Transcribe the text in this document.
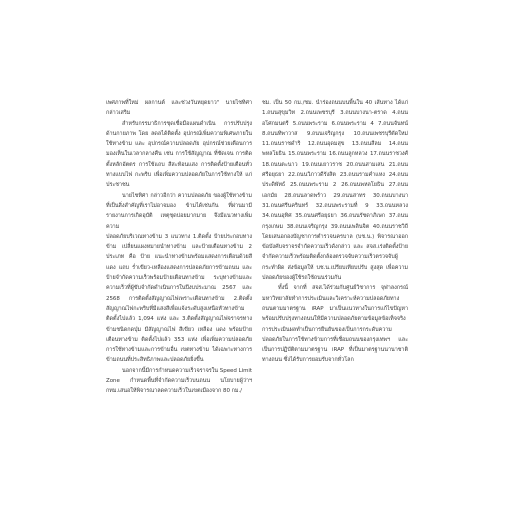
เพศภาพที่ใหม่ ผลกานต์ และช่วงวันหยุดยาว" นายไชทิศา กล่าวเสริม

สำหรับกรรมาธิการชุดเชื่อมือแผนดำเนิน การปรับปรุงด้านกายภาพ โดย ลดลได้ติดตั้ง อุปกรณ์เพิ่มความพิเศษภายในใช้ทางข้าม และ อุปกรณ์ความปลอดภัย อุปกรณ์ช่วยเตือนการ มองเห็นในเวลากลางคืน เช่น การใช้สัญญาณ ที่ชัดเจน การติดตั้งหลักอัตตร การใช้แถบ สีสะท้อนแสง การติดตั้งป้ายเตือนทั่วทางแบบไฟ กะพริบ เพื่อเพิ่มความปลอดภัยในการใช้ทางให้ แก่ประชาชน

นายไชทิศา กล่าวอีกว่า ความปลอดภัย ของผู้ใช้ทางข้ามที่เป็นสิ่งสำคัญที่เราไม่อาจมอง ข้ามได้เช่นกัน ที่ผ่านมามีรายงานการเกิดอุบัติ เหตุชุดบ่อยมากมาย จึงมีแนวทางเพิ่มความ

ปลอดภัยบริเวณทางข้าม 3 แนวทาง 1.ติดตั้ง ป้ายประกอบทางข้าม เปลี่ยนแผงหมายนำทางข้าม และป้ายเตือนทางข้าม 2 ประเภท คือ ป้าย แนะนำทางข้ามพร้อมแสดงการเตือนด้วยสีแดง แถบ ร่ำเขียว-เหลืองแสดงการปลอดภัยการข้ามถนน และป้ายจำกัดความเร็วพร้อมป้ายเตือนทางข้าม ระบุทางข้ามและความเร็วที่ผู้ขับจำกัดดำเนินการในปีงบประมาณ 2567 และ 2568 การติดตั้งสัญญาณไฟเพราะเตือนทางข้าม 2.ติดตั้งสัญญาณไฟกะพริบที่มีแสงสีเพื่อแจ้งระดับสูงเหนือหัวทางข้าม ติดตั้งไปแล้ว 1,094 แห่ง และ 3.ติดตั้งสัญญาณไฟจราจรทางข้ามชนิดกดปุ่ม มีสัญญาณไฟ สีเขียว เหลือง แดง พร้อมป้ายเตือนทางข้าม ติดตั้งไปแล้ว 353 แห่ง เพื่อเพิ่มความปลอดภัยการใช้ทางข้ามและการข้ามอื่น เขตทางข้าม ได้เฉพาะทางการข้ามถนนที่ประสิทธิภาพและปลอดภัยยิ่งขึ้น

นอกจากนี้มีการกำหนดความเร็วจราจรใน Speed Limit Zone กำหนดพื้นที่จำกัดความเร็วบนถนน นโยบายผู้ว่าฯ กทม.เสนอให้พิจารณาลดความเร็วในเขตเมืองจาก 80 กม./

ชม. เป็น 50 กม./ชม. นำร่องถนนบนพื้นใน 40 เส้นทาง ได้แก่ 1.ถนนสุขุมวิท 2.ถนนเพชรบุรี 3.ถนนบางนา-ตราด 4.ถนนอโศกมนตรี 5.ถนนพระราม 6.ถนนพระราม 4 7.ถนนจันทน์ 8.ถนนทิพาวาส 9.ถนนเจริญกรุง 10.ถนนเพชรบุรีตัดใหม่ 11.ถนนราชดำริ 12.ถนนอุดมสุข 13.ถนนสีลม 14.ถนนพหลโยธิน 15.ถนนพระราม 16.ถนนลูกหลวง 17.ถนนราชวงศ์ 18.ถนนตะนาว 19.ถนนเยาวราช 20.ถนนสามเสน 21.ถนนศรีอยุธยา 22.ถนนวิภาวดีรังสิต 23.ถนนรามคำแหง 24.ถนนประดิพัทธ์ 25.ถนนพระราม 2 26.ถนนพหลโยธิน 27.ถนนเอกมัย 28.ถนนลาดพร้าว 29.ถนนสาทร 30.ถนนบางนา 31.ถนนศรีนครินทร์ 32.ถนนพระรามที่ 9 33.ถนนหลวง 34.ถนนอุทิศ 35.ถนนศรีอยุธยา 36.ถนนรัชดาภิเษก 37.ถนนกรุงเกษม 38.ถนนเจริญกรุง 39.ถนนเพลินจิต 40.ถนนราชวิถี โดยเสนอกองบัญชาการตำรวจนครบาล (บช.น.) พิจารณาออกข้อบังคับจราจรจำกัดความเร็วดังกล่าว และ สจส.เร่งติดตั้งป้ายจำกัดความเร็วพร้อมติดตั้งกล้องตรวจจับความเร็วตรวจจับผู้กระทำผิด ส่งข้อมูลให้ บช.น.เปรียบเทียบปรับ สูงสุด เพื่อความปลอดภัยของผู้ใช้รถใช้ถนนร่วมกัน

ทั้งนี้ จากที่ สจส.ได้ร่วมกับศูนย์วิชาการ จุฬาลงกรณ์มหาวิทยาลัยทำการประเมินและวิเคราะห์ความปลอดภัยทางถนนตามมาตรฐาน iRAP มาเป็นแนวทางในการแก้ไขปัญหาพร้อมปรับปรุงทางถนนให้มีความปลอดภัยตามข้อมูลข้อเท็จจริงการประเมินผลทำเป็นการยืนยันของเป็นการกระดับความปลอดภัยในการใช้ทางข้ามการที่เชื่อมถนนของกรุงเทพฯ และเป็นการปฏิบัติตามมาตรฐาน iRAP ที่เป็นมาตรฐานนานาชาติทางถนน ซึ่งได้รับการยอมรับจากทั่วโลก
